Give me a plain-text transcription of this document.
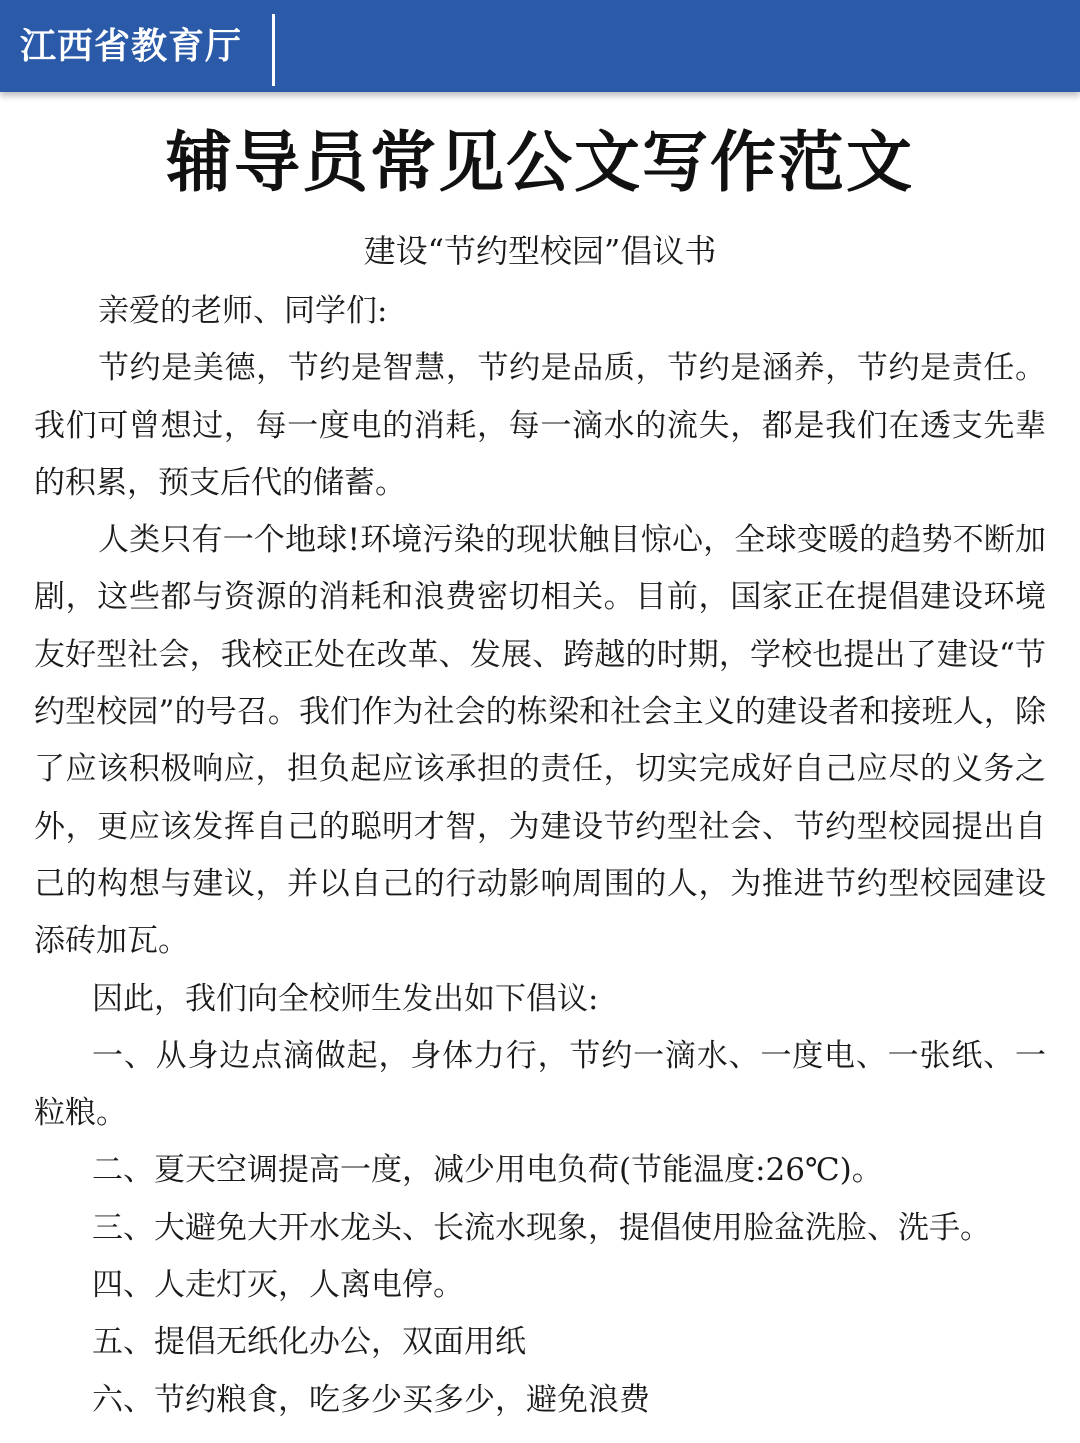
江西省教育厅
辅导员常见公文写作范文
建设“节约型校园”倡议书

亲爱的老师、同学们:

节约是美德，节约是智慧，节约是品质，节约是涵养，节约是责任。我们可曾想过，每一度电的消耗，每一滴水的流失，都是我们在透支先辈的积累，预支后代的储蓄。

人类只有一个地球!环境污染的现状触目惊心，全球变暖的趋势不断加剧，这些都与资源的消耗和浪费密切相关。目前，国家正在提倡建设环境友好型社会，我校正处在改革、发展、跨越的时期，学校也提出了建设“节约型校园”的号召。我们作为社会的栋梁和社会主义的建设者和接班人，除了应该积极响应，担负起应该承担的责任，切实完成好自己应尽的义务之外，更应该发挥自己的聪明才智，为建设节约型社会、节约型校园提出自己的构想与建议，并以自己的行动影响周围的人，为推进节约型校园建设添砖加瓦。

因此，我们向全校师生发出如下倡议:

一、从身边点滴做起，身体力行，节约一滴水、一度电、一张纸、一粒粮。

二、夏天空调提高一度，减少用电负荷(节能温度:26℃)。

三、大避免大开水龙头、长流水现象，提倡使用脸盆洗脸、洗手。

四、人走灯灭，人离电停。

五、提倡无纸化办公，双面用纸

六、节约粮食，吃多少买多少，避免浪费
